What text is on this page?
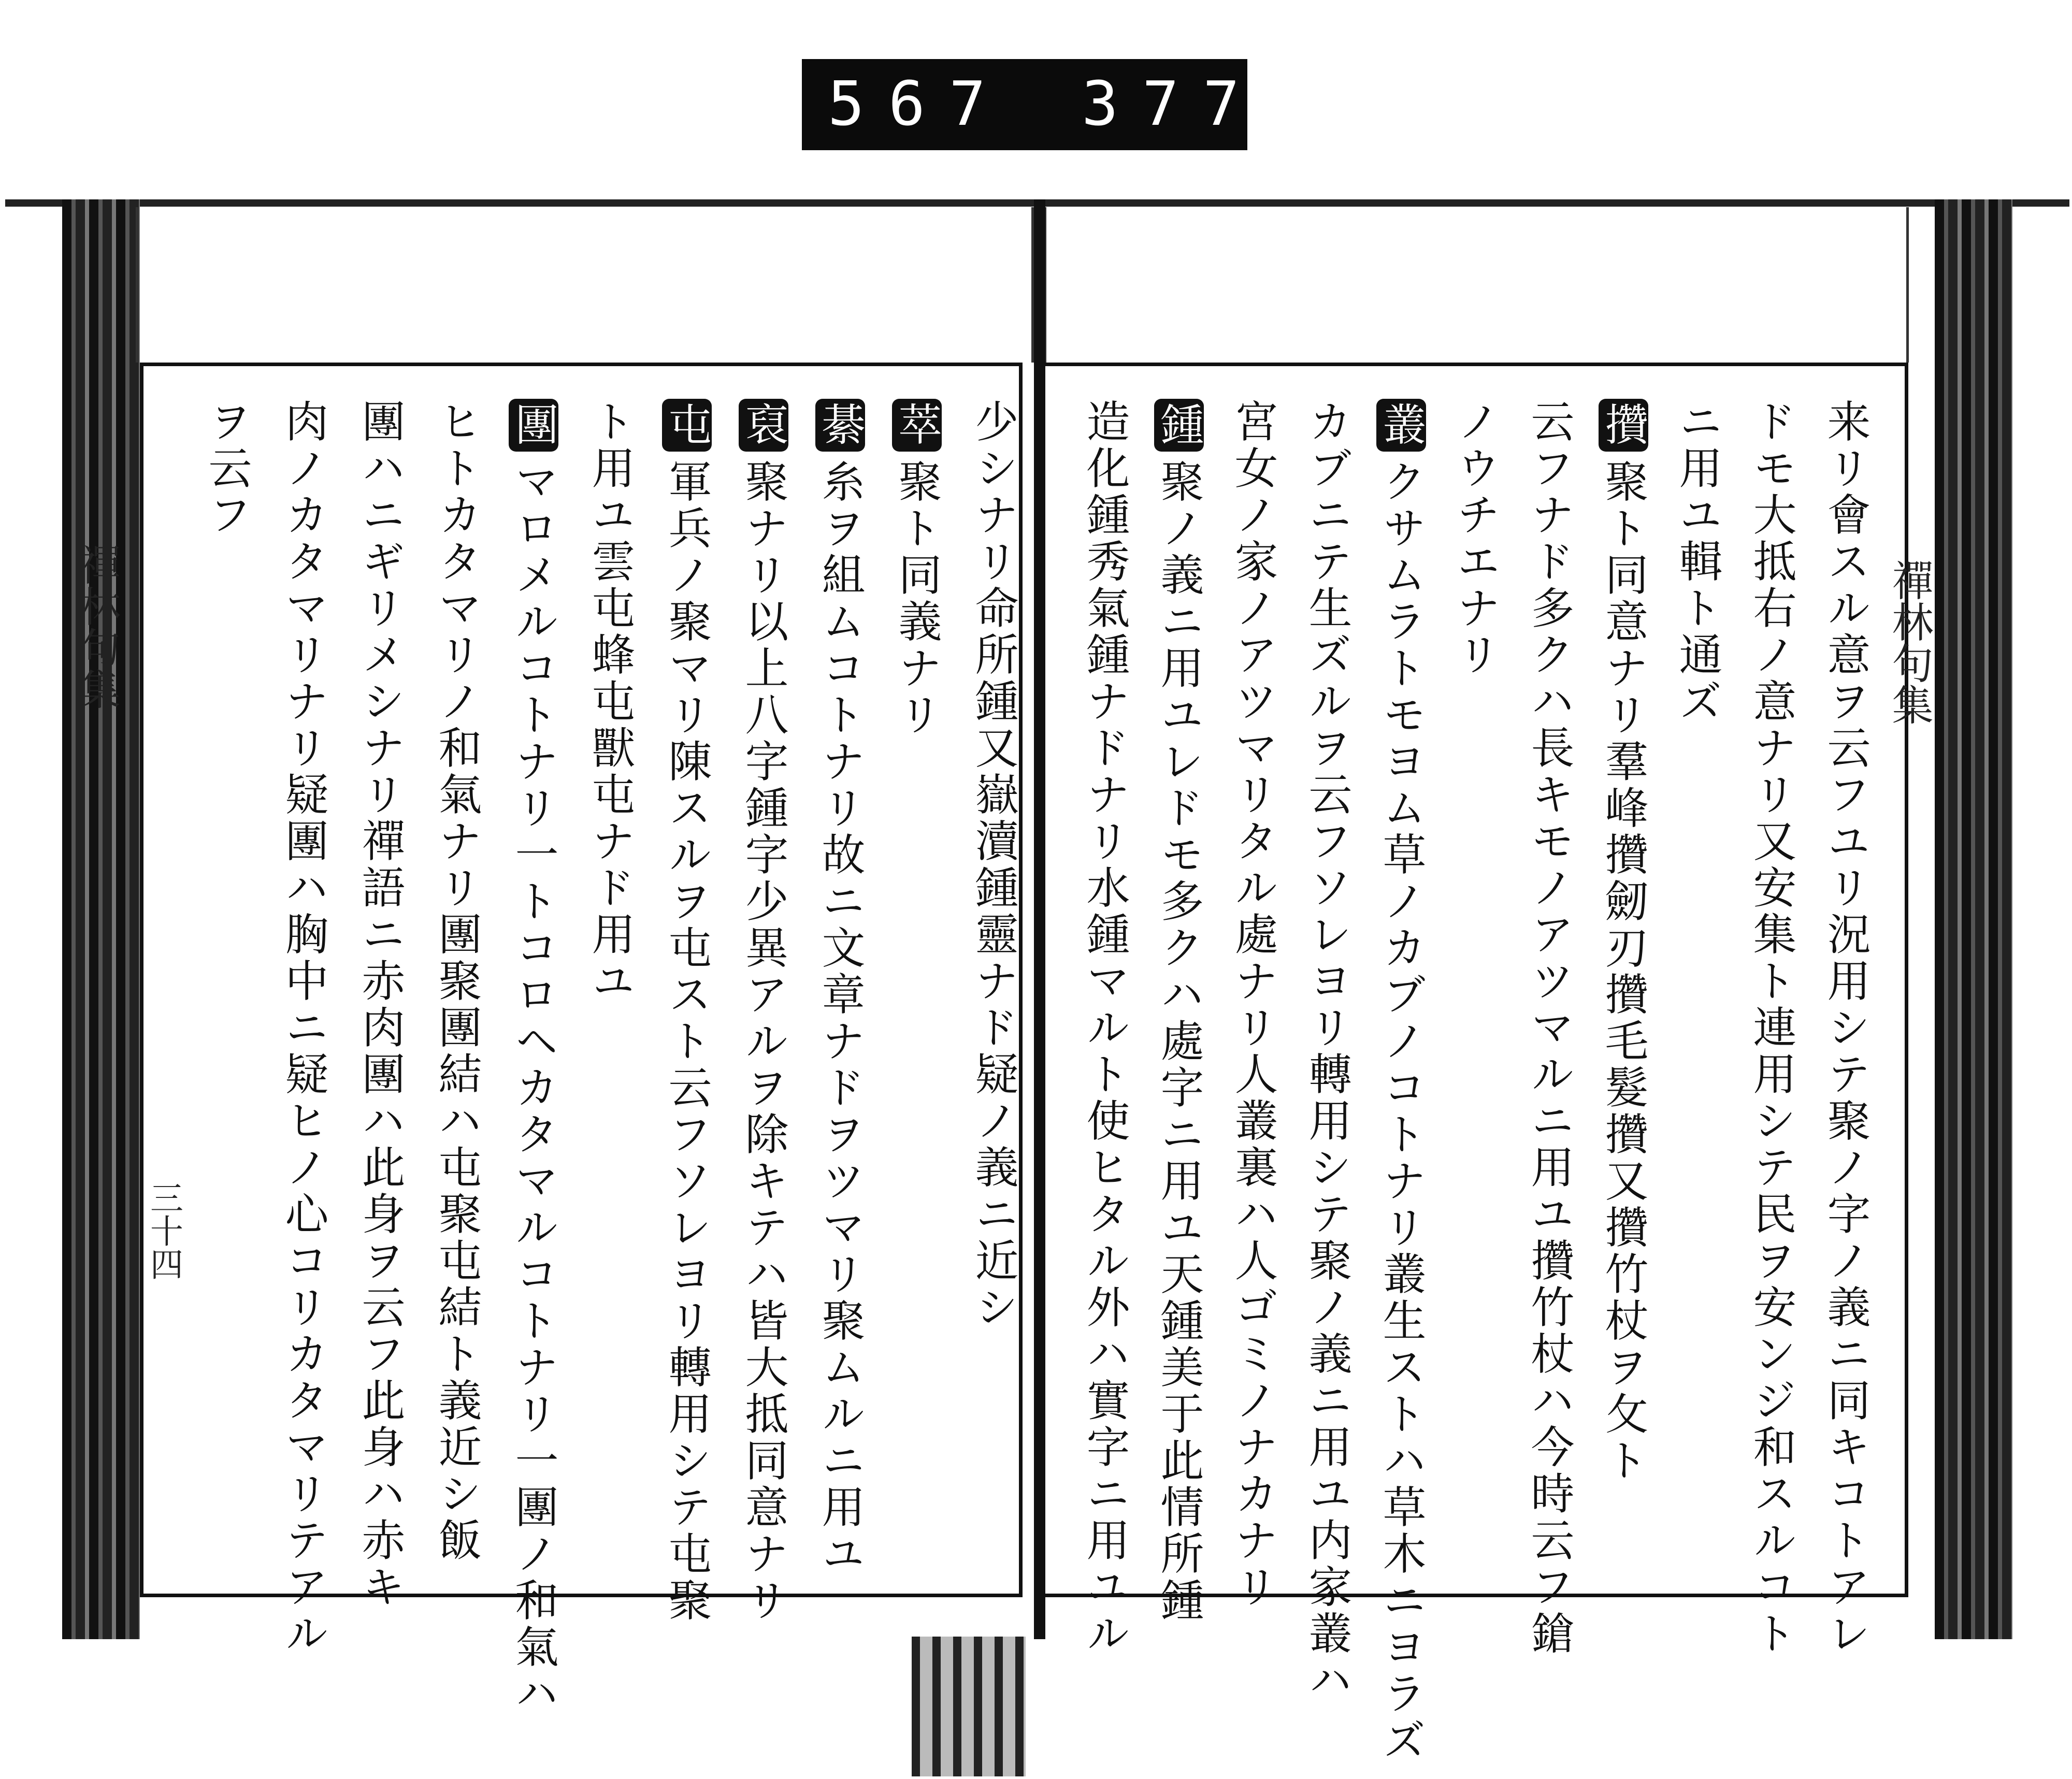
567 377
禪林句集	禪林句集
三十四	来リ會スル意ヲ云フユリ況用シテ聚ノ字ノ義ニ同キコトアレ
ドモ大抵右ノ意ナリ又安集ト連用シテ民ヲ安ンジ和スルコト
ニ用ユ輯ト通ズ
攢聚ト同意ナリ羣峰攢劒刃攢毛髮攢又攢竹杖ヲ攵ト
云フナド多クハ長キモノアツマルニ用ユ攢竹杖ハ今時云フ鎗
ノウチエナリ
叢クサムラトモヨム草ノカブノコトナリ叢生ストハ草木ニヨラズ
カブニテ生ズルヲ云フソレヨリ轉用シテ聚ノ義ニ用ユ内家叢ハ
宮女ノ家ノアツマリタル處ナリ人叢裏ハ人ゴミノナカナリ
鍾聚ノ義ニ用ユレドモ多クハ處字ニ用ユ天鍾美于此情所鍾
造化鍾秀氣鍾ナドナリ水鍾マルト使ヒタル外ハ實字ニ用ユル
少シナリ命所鍾又嶽瀆鍾靈ナド疑ノ義ニ近シ
萃聚ト同義ナリ
綦糸ヲ組ムコトナリ故ニ文章ナドヲツマリ聚ムルニ用ユ
裒聚ナリ以上八字鍾字少異アルヲ除キテハ皆大抵同意ナリ
屯軍兵ノ聚マリ陳スルヲ屯スト云フソレヨリ轉用シテ屯聚
ト用ユ雲屯蜂屯獸屯ナド用ユ
團マロメルコトナリ一トコロヘカタマルコトナリ一團ノ和氣ハ
ヒトカタマリノ和氣ナリ團聚團結ハ屯聚屯結ト義近シ飯
團ハニギリメシナリ禪語ニ赤肉團ハ此身ヲ云フ此身ハ赤キ
肉ノカタマリナリ疑團ハ胸中ニ疑ヒノ心コリカタマリテアル
ヲ云フ
